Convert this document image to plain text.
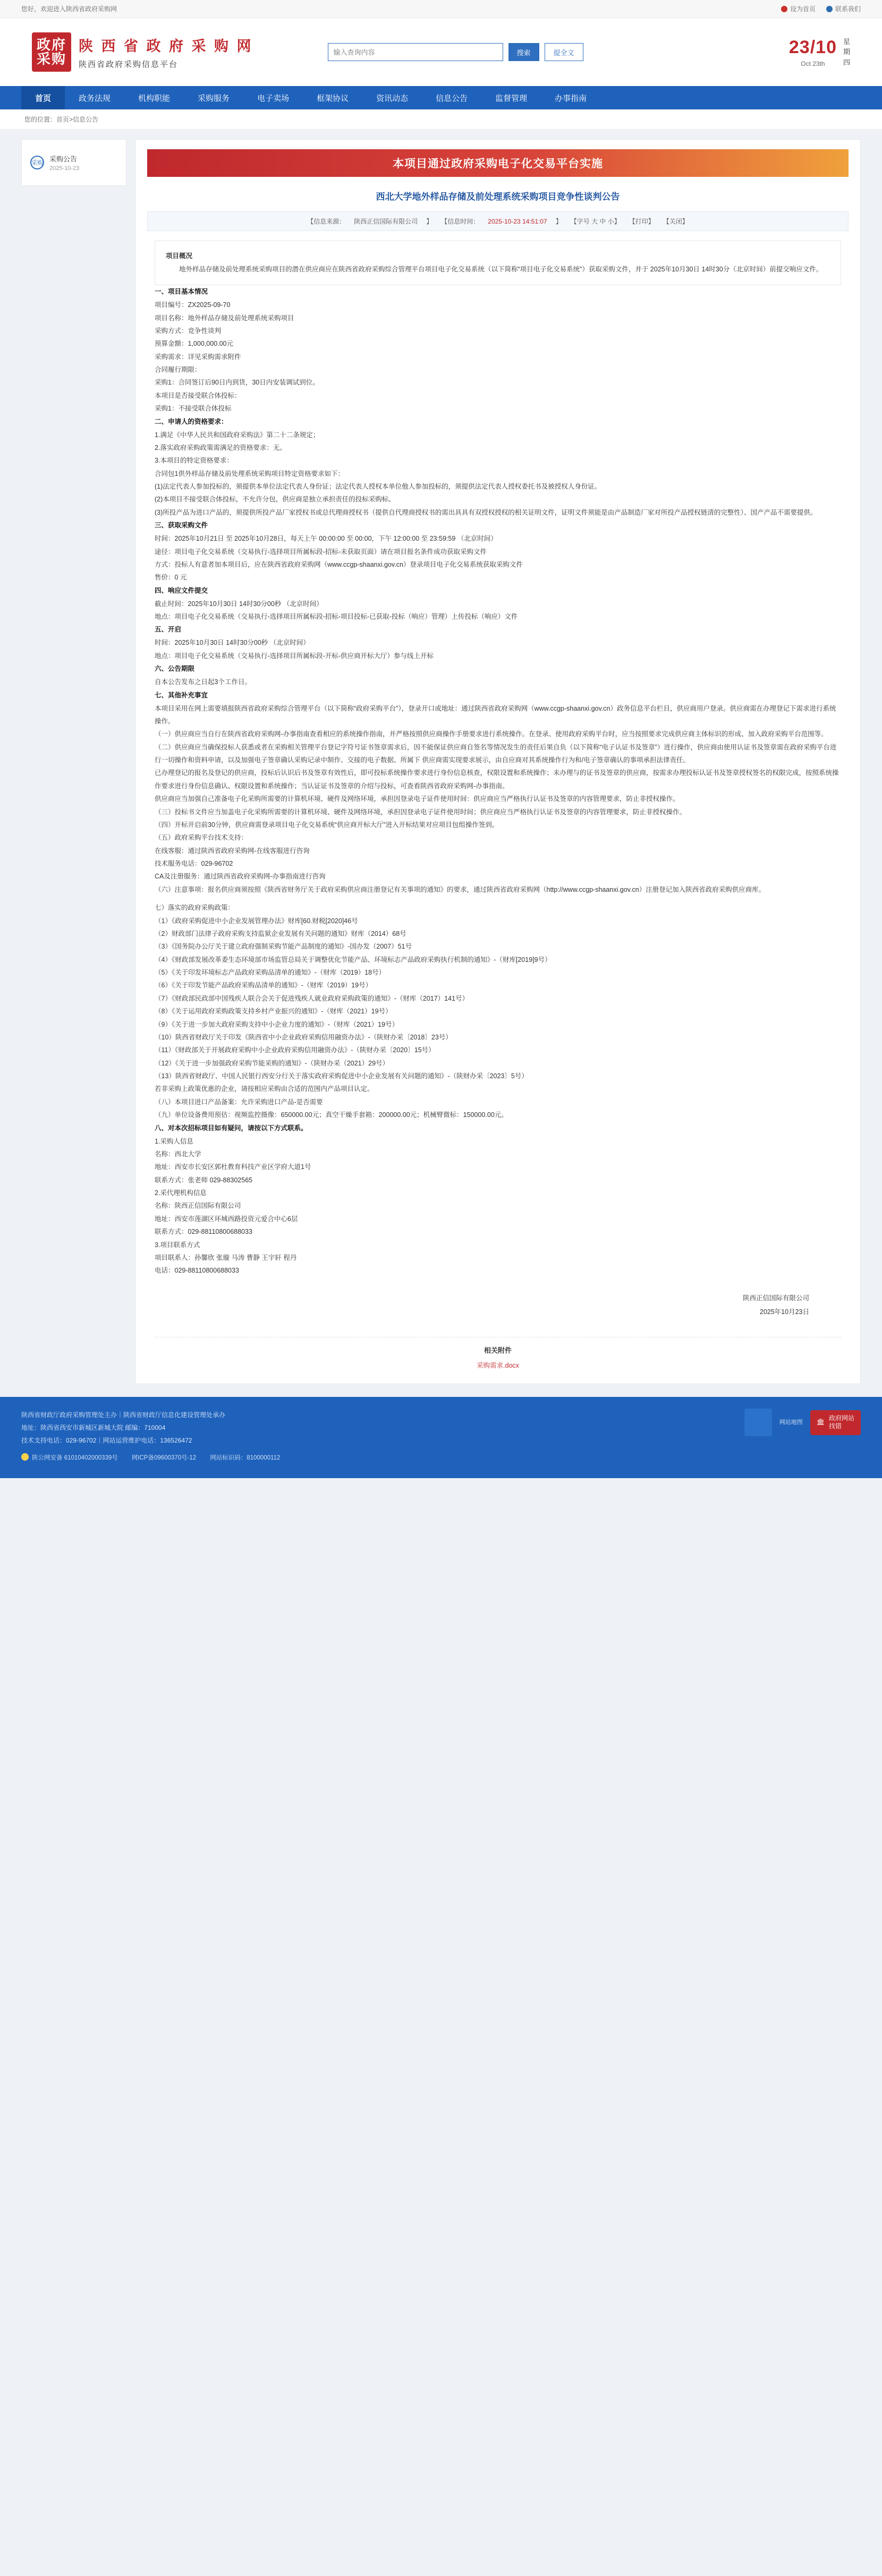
您好，欢迎进入陕西省政府采购网	设为首页	联系我们
政府
采购
陕 西 省 政 府 采 购 网
陕西省政府采购信息平台
输入查询内容
搜索	提全文	23/10
Oct 23th
星
期
四
首页	政务法规	机构职能	采购服务	电子卖场	框架协议	资讯动态	信息公告	监督管理	办事指南
您的位置： 首页 > 信息公告
采购 采购公告
2025-10-23	本项目通过政府采购电子化交易平台实施
西北大学地外样品存储及前处理系统采购项目竞争性谈判公告
【信息来源： 陕西正信国际有限公司 】 【信息时间： 2025-10-23 14:51:07 】 【字号 大 中 小】 【打印】 【关闭】
项目概况
地外样品存储及前处理系统采购项目的潜在供应商应在陕西省政府采购综合管理平台项目电子化交易系统（以下简称“项目电子化交易系统”）获取采购文件，并于 2025年10月30日 14时30分（北京时间）前提交响应文件。
一、项目基本情况
项目编号：ZX2025-09-70
项目名称：地外样品存储及前处理系统采购项目
采购方式：竞争性谈判
预算金额：1,000,000.00元
采购需求：详见采购需求附件
合同履行期限：
采购1：合同签订后90日内到货，30日内安装调试到位。
本项目是否接受联合体投标：
采购1：不接受联合体投标
二、申请人的资格要求：
1.满足《中华人民共和国政府采购法》第二十二条规定；
2.落实政府采购政策需满足的资格要求：无。
3.本项目的特定资格要求：
合同包1供外样品存储及前处理系统采购项目特定资格要求如下：
(1)法定代表人参加投标的，须提供本单位法定代表人身份证；法定代表人授权本单位他人参加投标的，须提供法定代表人授权委托书及被授权人身份证。
(2)本项目不接受联合体投标，不允许分包，供应商是独立承担责任的投标采购标。
(3)所投产品为进口产品的，须提供所投产品厂家授权书或总代理商授权书（提供自代理商授权书的需出具具有双授权授权的相关证明文件，证明文件须能是由产品制造厂家对所投产品授权链清的完整性）、国产产品不需要提供。
三、获取采购文件
时间：2025年10月21日 至 2025年10月28日，每天上午 00:00:00 至 00:00，下午 12:00:00 至 23:59:59 （北京时间）
途径：项目电子化交易系统（交易执行-选择项目所属标段-招标-未获取页面）请在项目报名条件成功获取采购文件
方式：投标人有意者加本项目后，应在陕西省政府采购网（www.ccgp-shaanxi.gov.cn）登录项目电子化交易系统获取采购文件
售价：0 元
四、响应文件提交
截止时间：2025年10月30日 14时30分00秒 （北京时间）
地点：项目电子化交易系统（交易执行-选择项目所属标段-招标-项目投标-已获取-投标（响应）管理）上传投标（响应）文件
五、开启
时间：2025年10月30日 14时30分00秒 （北京时间）
地点：项目电子化交易系统（交易执行-选择项目所属标段-开标-供应商开标大厅）参与线上开标
六、公告期限
自本公告发布之日起3个工作日。
七、其他补充事宜
本项目采用在网上需要填报陕西省政府采购综合管理平台（以下简称“政府采购平台”），登录开口或地址：通过陕西省政府采购网（www.ccgp-shaanxi.gov.cn）政务信息平台栏目，供应商用户登录。供应商需在办理登记下需求进行系统操作。
（一）供应商应当自行在陕西省政府采购网-办事指南查看相应的系统操作指南，并严格按照供应商操作手册要求进行系统操作。在登录、使用政府采购平台时，应当按照要求完成供应商主体标识的形成、加入政府采购平台范围等。
（二）供应商应当确保投标人获悉或者在采购相关管理平台登记字符号证书签章需求后，因不能保证供应商自签名等情况发生的责任后果自负（以下简称“电子认证书及签章”）进行操作，供应商由使用认证书及签章需在政府采购平台进行一切操作和资料申请，以及加强电子签章确认采购记录中制作、交接的电子数据、所属下 供应商需实现要求展示，由自应商对其系统操作行为和/电子签章确认的事项承担法律责任。
已办理登记的报名及登记的供应商，投标后认识后书及签章有效性后，即可投标系统操作要求进行身份信息核查，权限设置和系统操作；未办理与的证书及签章的供应商，按需求办理投标认证书及签章授权签名的权限完成，按照系统操作要求进行身份信息确认、权限设置和系统操作；当认证证书及签章的介绍与投标，可查看陕西省政府采购网-办事指南。
供应商应当加强自己准备电子化采购所需要的计算机环境、硬件及网络环境，承担因登录电子证件使用时间：供应商应当严格执行认证书及签章的内容管理要求，防止非授权操作。
（三）投标书文件应当加盖电子化采购所需要的计算机环境、硬件及网络环境，承担因登录电子证件使用时间；供应商应当严格执行认证书及签章的内容管理要求，防止非授权操作。
（四）开标开启前30分钟，供应商需登录项目电子化交易系统“供应商开标大厅”进入开标结果对应项目包组操作签到。
（五）政府采购平台技术支持：
在线客服：通过陕西省政府采购网-在线客服进行咨询
技术服务电话：029-96702
CA及注册服务：通过陕西省政府采购网-办事指南进行咨询
（六）注意事项：报名供应商须按照《陕西省财务厅关于政府采购供应商注册登记有关事项的通知》的要求，通过陕西省政府采购网（http://www.ccgp-shaanxi.gov.cn）注册登记加入陕西省政府采购供应商库。
七）落实的政府采购政策：
（1）《政府采购促进中小企业发展管理办法》财库[60.财税[2020]46号
（2）财政部门法律子政府采购支持监狱企业发展有关问题的通知》财库（2014）68号
（3）《国务院办公厅关于建立政府强制采购节能产品制度的通知》-国办发（2007）51号
（4）《财政部发展改革委生态环境部市场监管总局关于调整优化节能产品、环境标志产品政府采购执行机制的通知》-（财库[2019]9号）
（5）《关于印发环境标志产品政府采购品清单的通知》-（财库（2019）18号）
（6）《关于印发节能产品政府采购品清单的通知》-（财库（2019）19号）
（7）《财政部民政部中国残疾人联合会关于促进残疾人就业政府采购政策的通知》-（财库（2017）141号）
（8）《关于运用政府采购政策支持乡村产业振兴的通知》-（财库（2021）19号）
（9）《关于进一步加大政府采购支持中小企业力度的通知》-（财库（2021）19号）
（10）陕西省财政厅关于印发《陕西省中小企业政府采购信用融资办法》-（陕财办采〔2018〕23号）
（11）《财政部关于开展政府采购中小企业政府采购信用融资办法》-（陕财办采〔2020〕15号）
（12）《关于进一步加强政府采购节能采购的通知》-（陕财办采（2021）29号）
（13）陕西省财政厅、中国人民银行西安分行关于落实政府采购促进中小企业发展有关问题的通知》-（陕财办采〔2023〕5号）
若非采购上政策优惠的企业，请按相应采购由合适的范围内产品项目认定。
（八）本项目进口产品备案：允许采购进口产品-是否需要
（九）单位设备费用预估：视频监控摄像：650000.00元；真空干燥手套箱：200000.00元；机械臂微标：150000.00元。
八、对本次招标项目如有疑问，请按以下方式联系。
1.采购人信息
名称：西北大学
地址：西安市长安区郭杜教育科技产业区学府大道1号
联系方式：张老师 029-88302565
2.采代理机构信息
名称：陕西正信国际有限公司
地址：西安市莲湖区环城西路投资元爱合中心6层
联系方式：029-88110800688033
3.项目联系方式
项目联系人：孙馨欣 张璇 马涛 曹静 王宇轩 程丹
电话：029-88110800688033
陕西正信国际有限公司
2025年10月23日
相关附件
采购需求.docx
陕西省财政厅政府采购管理处主办｜陕西省财政厅信息化建设管理处承办
地址：陕西省西安市新城区新城大院 邮编：710004
技术支持电话：029-96702｜网站运营维护电话：136526472
网站地图 🏛
政府网站
找错
陕公网安备 61010402000339号 网ICP备09600370号-12 网站标识码：8100000112
